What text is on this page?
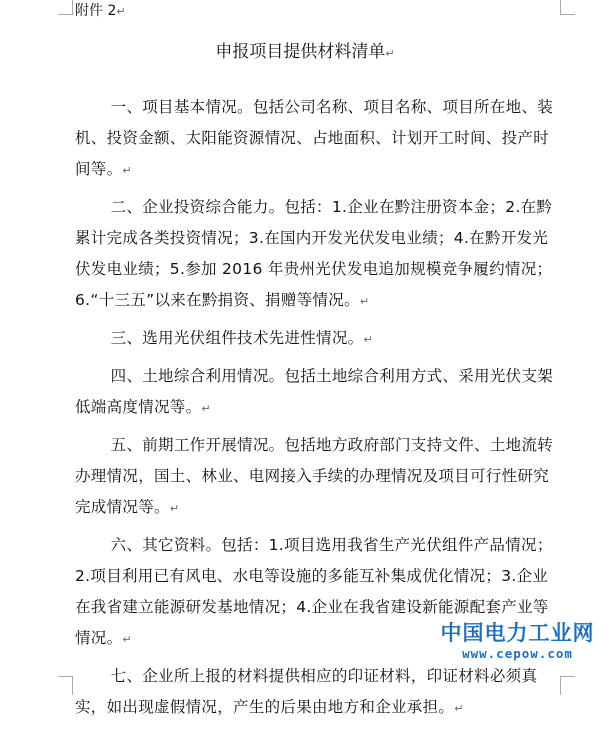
附件 2↵
申报项目提供材料清单↵

一、项目基本情况。包括公司名称、项目名称、项目所在地、装机、投资金额、太阳能资源情况、占地面积、计划开工时间、投产时间等。↵

二、企业投资综合能力。包括：1.企业在黔注册资本金；2.在黔累计完成各类投资情况；3.在国内开发光伏发电业绩；4.在黔开发光伏发电业绩；5.参加 2016 年贵州光伏发电追加规模竞争履约情况；6.“十三五”以来在黔捐资、捐赠等情况。↵

三、选用光伏组件技术先进性情况。↵

四、土地综合利用情况。包括土地综合利用方式、采用光伏支架低端高度情况等。↵

五、前期工作开展情况。包括地方政府部门支持文件、土地流转办理情况，国土、林业、电网接入手续的办理情况及项目可行性研究完成情况等。↵

六、其它资料。包括：1.项目选用我省生产光伏组件产品情况；2.项目利用已有风电、水电等设施的多能互补集成优化情况；3.企业在我省建立能源研发基地情况；4.企业在我省建设新能源配套产业等情况。↵

七、企业所上报的材料提供相应的印证材料，印证材料必须真实，如出现虚假情况，产生的后果由地方和企业承担。↵

中国电力工业网
www.cepow.com
